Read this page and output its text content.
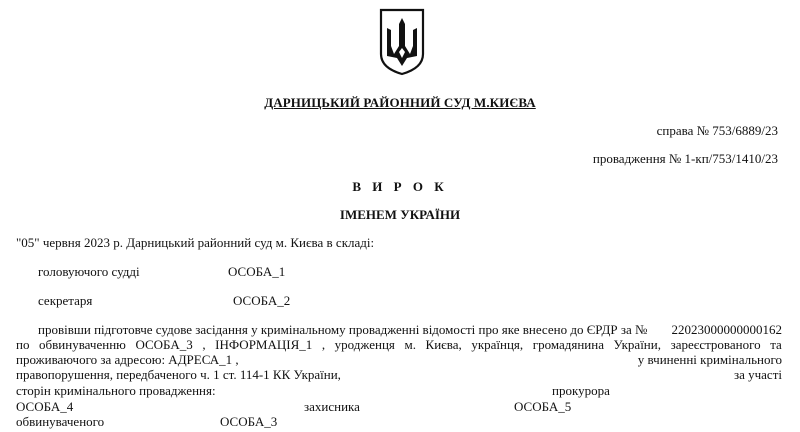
ДАРНИЦЬКИЙ РАЙОННИЙ СУД М.КИЄВА
справа № 753/6889/23
провадження № 1-кп/753/1410/23
В И Р О К
ІМЕНЕМ УКРАЇНИ
"05" червня 2023 р. Дарницький районний суд м. Києва в складі:
головуючого судді	ОСОБА_1
секретаря	ОСОБА_2
провівши підготовче судове засідання у кримінальному провадженні відомості про яке внесено до ЄРДР за № 22023000000000162
по обвинуваченню ОСОБА_3 , ІНФОРМАЦІЯ_1 , уродженця м. Києва, українця, громадянина України, зареєстрованого та
проживаючого за адресою: АДРЕСА_1 ,	у вчиненні кримінального
правопорушення, передбаченого ч. 1 ст. 114-1 КК України,	за участі
сторін кримінального провадження:	прокурора
ОСОБА_4	захисника	ОСОБА_5
обвинуваченого	ОСОБА_3
